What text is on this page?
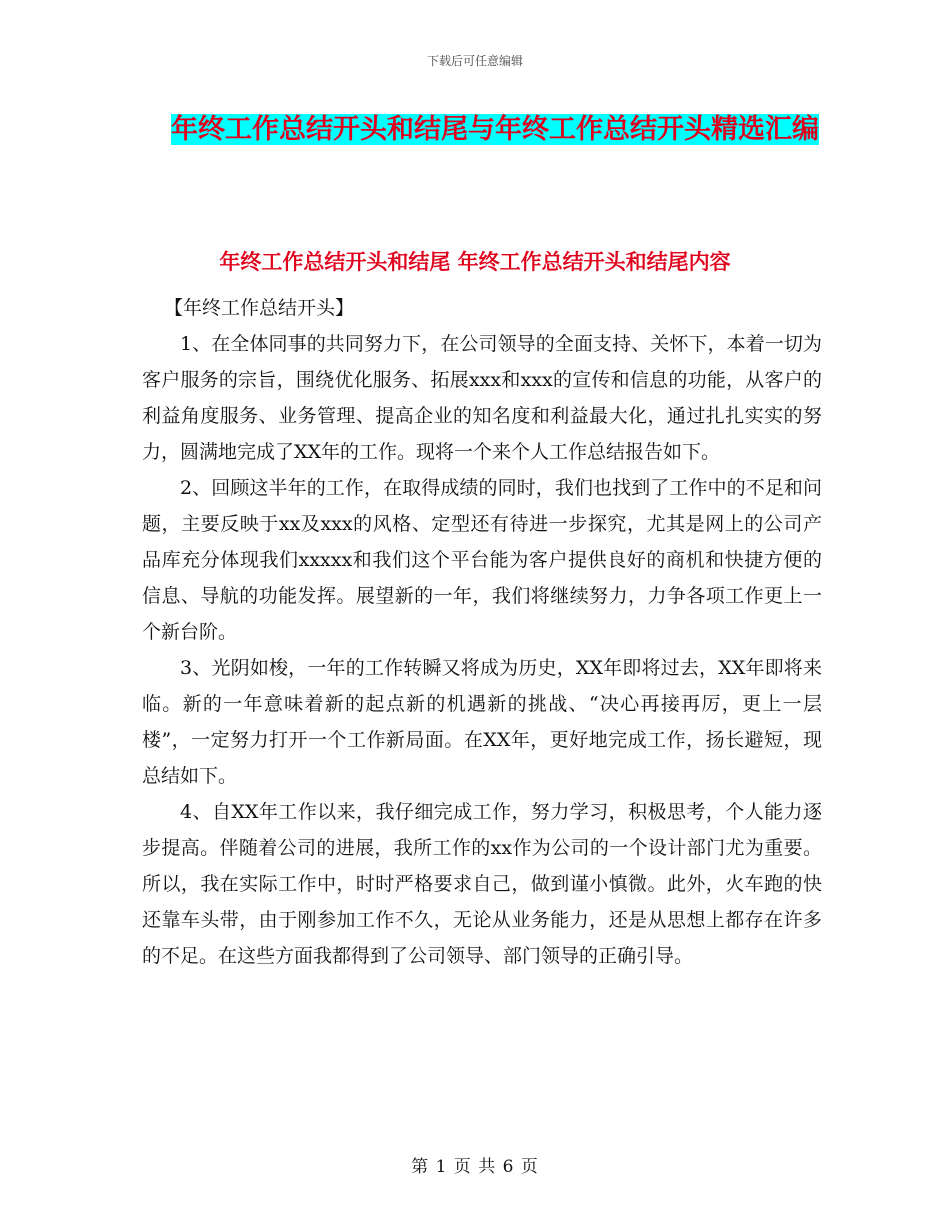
下载后可任意编辑
年终工作总结开头和结尾与年终工作总结开头精选汇编
年终工作总结开头和结尾 年终工作总结开头和结尾内容

【年终工作总结开头】

1、在全体同事的共同努力下，在公司领导的全面支持、关怀下，本着一切为客户服务的宗旨，围绕优化服务、拓展xxx和xxx的宣传和信息的功能，从客户的利益角度服务、业务管理、提高企业的知名度和利益最大化，通过扎扎实实的努力，圆满地完成了XX年的工作。现将一个来个人工作总结报告如下。

2、回顾这半年的工作，在取得成绩的同时，我们也找到了工作中的不足和问题，主要反映于xx及xxx的风格、定型还有待进一步探究，尤其是网上的公司产品库充分体现我们xxxxx和我们这个平台能为客户提供良好的商机和快捷方便的信息、导航的功能发挥。展望新的一年，我们将继续努力，力争各项工作更上一个新台阶。

3、光阴如梭，一年的工作转瞬又将成为历史，XX年即将过去，XX年即将来临。新的一年意味着新的起点新的机遇新的挑战、“决心再接再厉，更上一层楼”，一定努力打开一个工作新局面。在XX年，更好地完成工作，扬长避短，现总结如下。

4、自XX年工作以来，我仔细完成工作，努力学习，积极思考，个人能力逐步提高。伴随着公司的进展，我所工作的xx作为公司的一个设计部门尤为重要。所以，我在实际工作中，时时严格要求自己，做到谨小慎微。此外，火车跑的快还靠车头带，由于刚参加工作不久，无论从业务能力，还是从思想上都存在许多的不足。在这些方面我都得到了公司领导、部门领导的正确引导。

第 1 页 共 6 页
